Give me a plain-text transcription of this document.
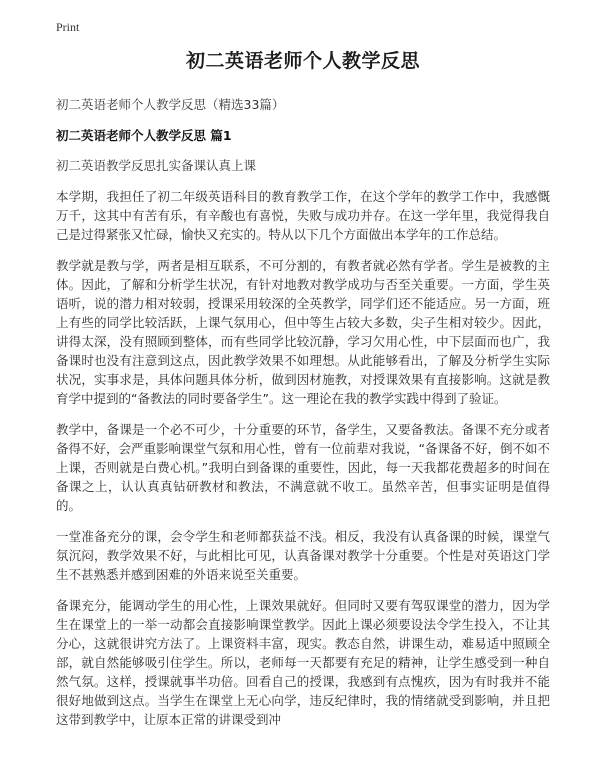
Print
初二英语老师个人教学反思

初二英语老师个人教学反思（精选33篇）

初二英语老师个人教学反思 篇1

初二英语教学反思扎实备课认真上课

本学期，我担任了初二年级英语科目的教育教学工作，在这个学年的教学工作中，我感慨万千，这其中有苦有乐，有辛酸也有喜悦，失败与成功并存。在这一学年里，我觉得我自己是过得紧张又忙碌，愉快又充实的。特从以下几个方面做出本学年的工作总结。

教学就是教与学，两者是相互联系，不可分割的，有教者就必然有学者。学生是被教的主体。因此，了解和分析学生状况，有针对地教对教学成功与否至关重要。一方面，学生英语听，说的潜力相对较弱，授课采用较深的全英教学，同学们还不能适应。另一方面，班上有些的同学比较活跃，上课气氛用心，但中等生占较大多数，尖子生相对较少。因此，讲得太深，没有照顾到整体，而有些同学比较沉静，学习欠用心性，中下层面而也广，我备课时也没有注意到这点，因此教学效果不如理想。从此能够看出，了解及分析学生实际状况，实事求是，具体问题具体分析，做到因材施教，对授课效果有直接影响。这就是教育学中提到的“备教法的同时要备学生”。这一理论在我的教学实践中得到了验证。

教学中，备课是一个必不可少，十分重要的环节，备学生，又要备教法。备课不充分或者备得不好，会严重影响课堂气氛和用心性，曾有一位前辈对我说，“备课备不好，倒不如不上课，否则就是白费心机。”我明白到备课的重要性，因此，每一天我都花费超多的时间在备课之上，认认真真钻研教材和教法，不满意就不收工。虽然辛苦，但事实证明是值得的。

一堂准备充分的课，会令学生和老师都获益不浅。相反，我没有认真备课的时候，课堂气氛沉闷，教学效果不好，与此相比可见，认真备课对教学十分重要。个性是对英语这门学生不甚熟悉并感到困难的外语来说至关重要。

备课充分，能调动学生的用心性，上课效果就好。但同时又要有驾驭课堂的潜力，因为学生在课堂上的一举一动都会直接影响课堂教学。因此上课必须要设法令学生投入，不让其分心，这就很讲究方法了。上课资料丰富，现实。教态自然，讲课生动，难易适中照顾全部，就自然能够吸引住学生。所以，老师每一天都要有充足的精神，让学生感受到一种自然气氛。这样，授课就事半功倍。回看自己的授课，我感到有点愧疚，因为有时我并不能很好地做到这点。当学生在课堂上无心向学，违反纪律时，我的情绪就受到影响，并且把这带到教学中，让原本正常的讲课受到冲
